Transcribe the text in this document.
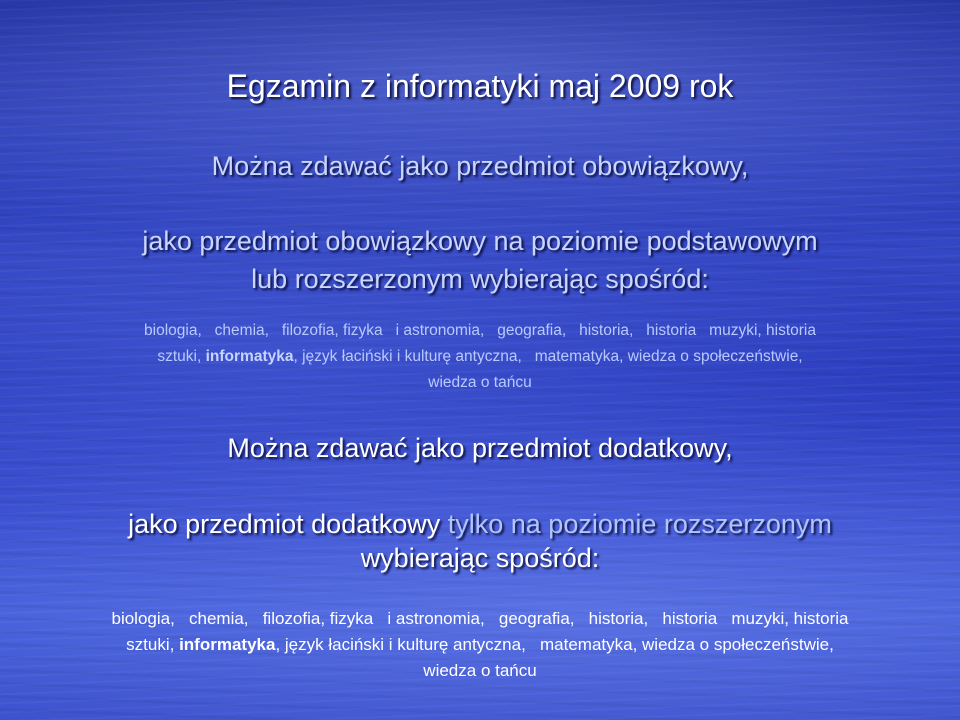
Egzamin z informatyki maj 2009 rok
Można zdawać jako przedmiot obowiązkowy,
jako przedmiot obowiązkowy na poziomie podstawowym
lub rozszerzonym wybierając spośród:
biologia,   chemia,   filozofia, fizyka   i astronomia,   geografia,   historia,   historia   muzyki, historia
sztuki, informatyka, język łaciński i kulturę antyczna,   matematyka, wiedza o społeczeństwie,
wiedza o tańcu
Można zdawać jako przedmiot dodatkowy,
jako przedmiot dodatkowy tylko na poziomie rozszerzonym
wybierając spośród:
biologia,   chemia,   filozofia, fizyka   i astronomia,   geografia,   historia,   historia   muzyki, historia
sztuki, informatyka, język łaciński i kulturę antyczna,   matematyka, wiedza o społeczeństwie,
wiedza o tańcu
